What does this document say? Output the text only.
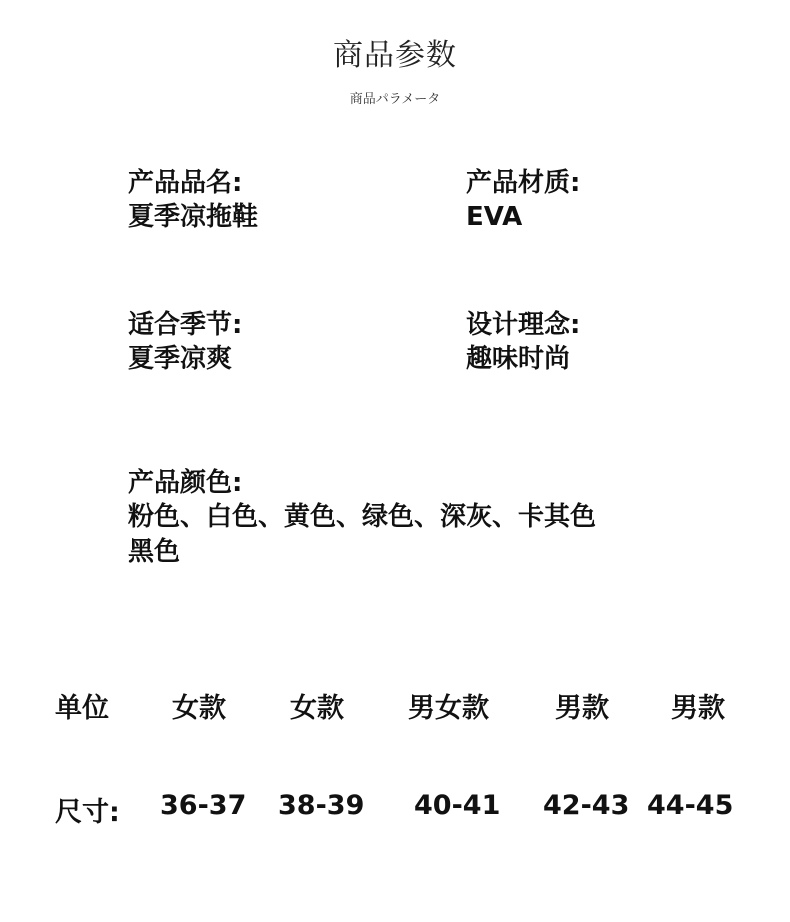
商品参数
商品パラメータ
产品品名:
夏季凉拖鞋
产品材质:
EVA
适合季节:
夏季凉爽
设计理念:
趣味时尚
产品颜色:
粉色、白色、黄色、绿色、深灰、卡其色
黑色
单位 女款 女款 男女款 男款 男款
尺寸: 36-37 38-39 40-41 42-43 44-45
